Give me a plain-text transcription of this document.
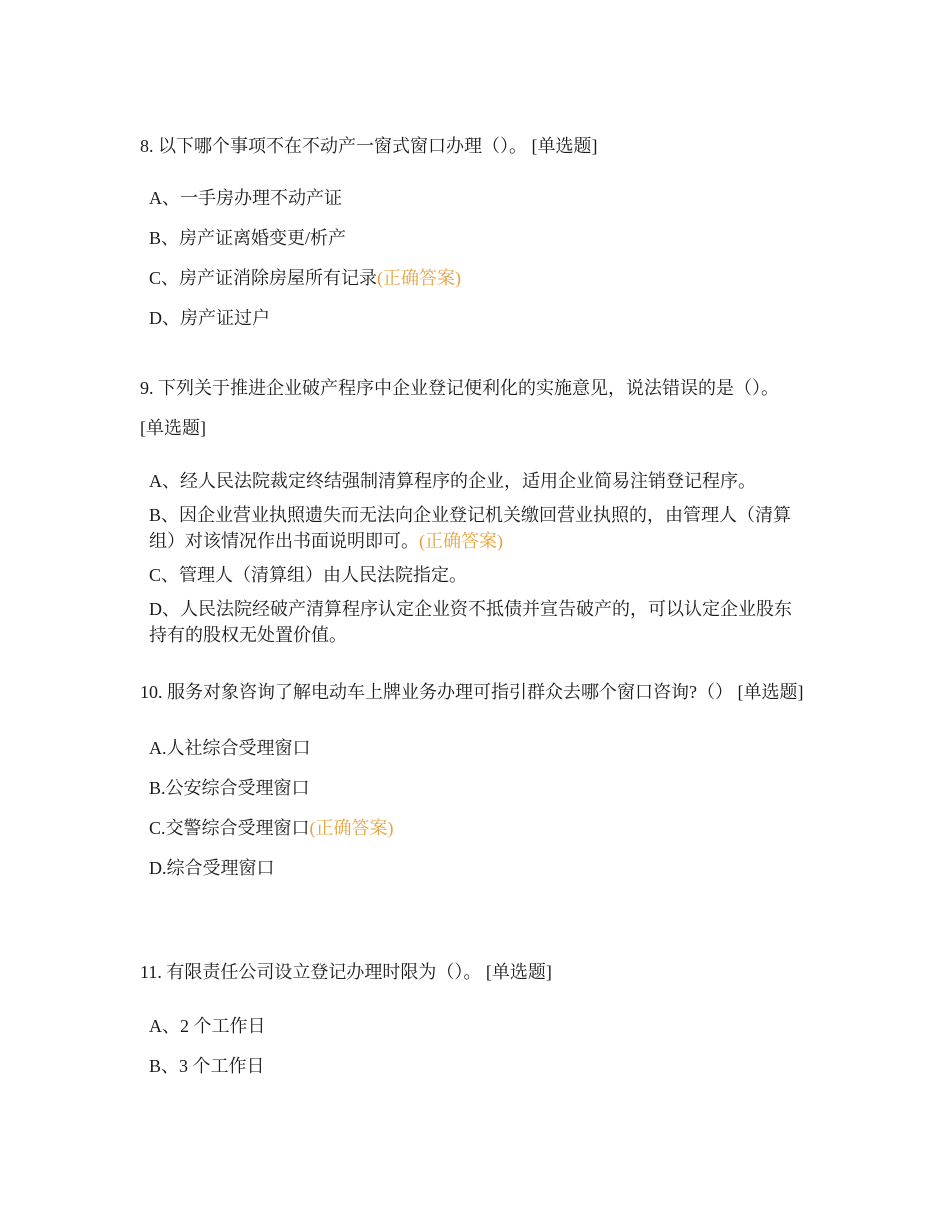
8. 以下哪个事项不在不动产一窗式窗口办理（）。 [单选题]

A、一手房办理不动产证
B、房产证离婚变更/析产
C、房产证消除房屋所有记录(正确答案)
D、房产证过户

9. 下列关于推进企业破产程序中企业登记便利化的实施意见，说法错误的是（）。 [单选题]

A、经人民法院裁定终结强制清算程序的企业，适用企业简易注销登记程序。
B、因企业营业执照遗失而无法向企业登记机关缴回营业执照的，由管理人（清算组）对该情况作出书面说明即可。(正确答案)
C、管理人（清算组）由人民法院指定。
D、人民法院经破产清算程序认定企业资不抵债并宣告破产的，可以认定企业股东持有的股权无处置价值。

10. 服务对象咨询了解电动车上牌业务办理可指引群众去哪个窗口咨询?（） [单选题]

A.人社综合受理窗口
B.公安综合受理窗口
C.交警综合受理窗口(正确答案)
D.综合受理窗口

11. 有限责任公司设立登记办理时限为（）。 [单选题]

A、2 个工作日
B、3 个工作日
